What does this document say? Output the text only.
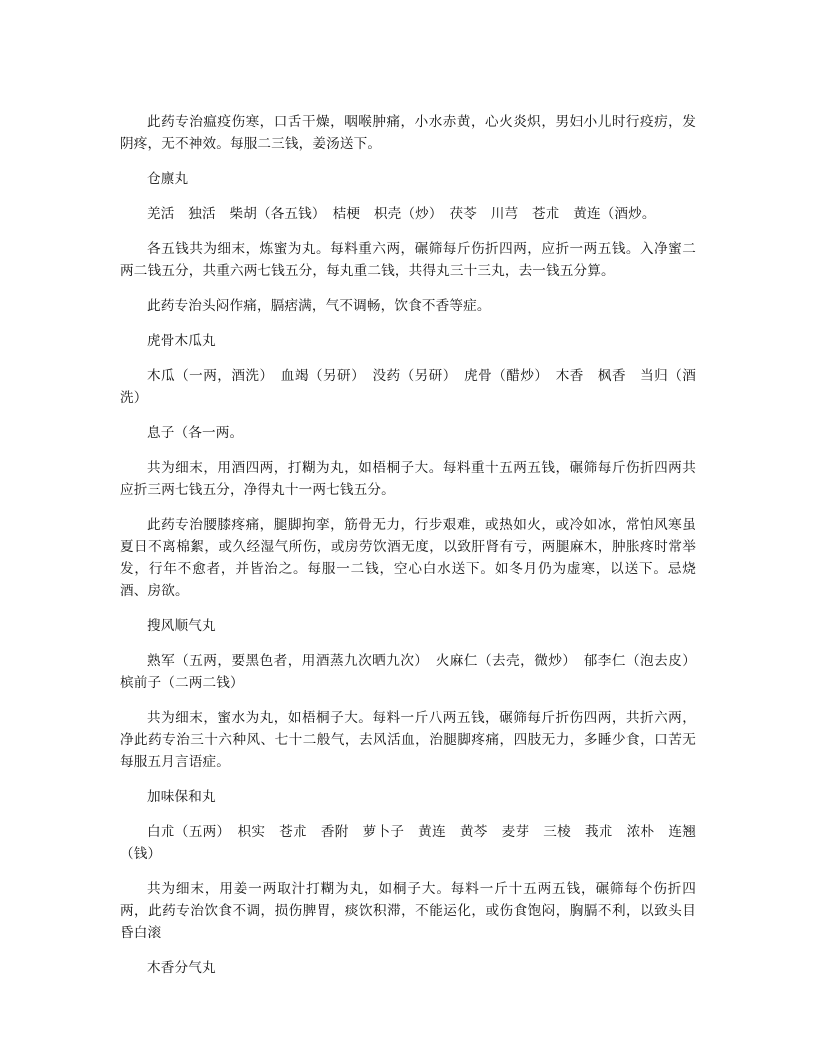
此药专治瘟疫伤寒，口舌干燥，咽喉肿痛，小水赤黄，心火炎炽，男妇小儿时行疫疠，发阴疼，无不神效。每服二三钱，姜汤送下。

仓廪丸

羌活　独活　柴胡（各五钱）　桔梗　枳壳（炒）　茯苓　川芎　苍朮　黄连（酒炒。

各五钱共为细末，炼蜜为丸。每料重六两，碾筛每斤伤折四两，应折一两五钱。入净蜜二两二钱五分，共重六两七钱五分，每丸重二钱，共得丸三十三丸，去一钱五分算。

此药专治头闷作痛，膈痞满，气不调畅，饮食不香等症。

虎骨木瓜丸

木瓜（一两，酒洗）　血竭（另研）　没药（另研）　虎骨（醋炒）　木香　枫香　当归（酒洗）

息子（各一两。

共为细末，用酒四两，打糊为丸，如梧桐子大。每料重十五两五钱，碾筛每斤伤折四两共应折三两七钱五分，净得丸十一两七钱五分。

此药专治腰膝疼痛，腿脚拘挛，筋骨无力，行步艰难，或热如火，或冷如冰，常怕风寒虽夏日不离棉絮，或久经湿气所伤，或房劳饮酒无度，以致肝肾有亏，两腿麻木，肿胀疼时常举发，行年不愈者，并皆治之。每服一二钱，空心白水送下。如冬月仍为虚寒，以送下。忌烧酒、房欲。

搜风顺气丸

熟军（五两，要黑色者，用酒蒸九次晒九次）　火麻仁（去壳，微炒）　郁李仁（泡去皮）槟前子（二两二钱）

共为细末，蜜水为丸，如梧桐子大。每料一斤八两五钱，碾筛每斤折伤四两，共折六两，净此药专治三十六种风、七十二般气，去风活血，治腿脚疼痛，四肢无力，多睡少食，口苦无每服五月言语症。

加味保和丸

白朮（五两）　枳实　苍朮　香附　萝卜子　黄连　黄芩　麦芽　三棱　莪朮　浓朴　连翘（钱）

共为细末，用姜一两取汁打糊为丸，如桐子大。每料一斤十五两五钱，碾筛每个伤折四两，此药专治饮食不调，损伤脾胃，痰饮积滞，不能运化，或伤食饱闷，胸膈不利，以致头目昏白滚

木香分气丸
